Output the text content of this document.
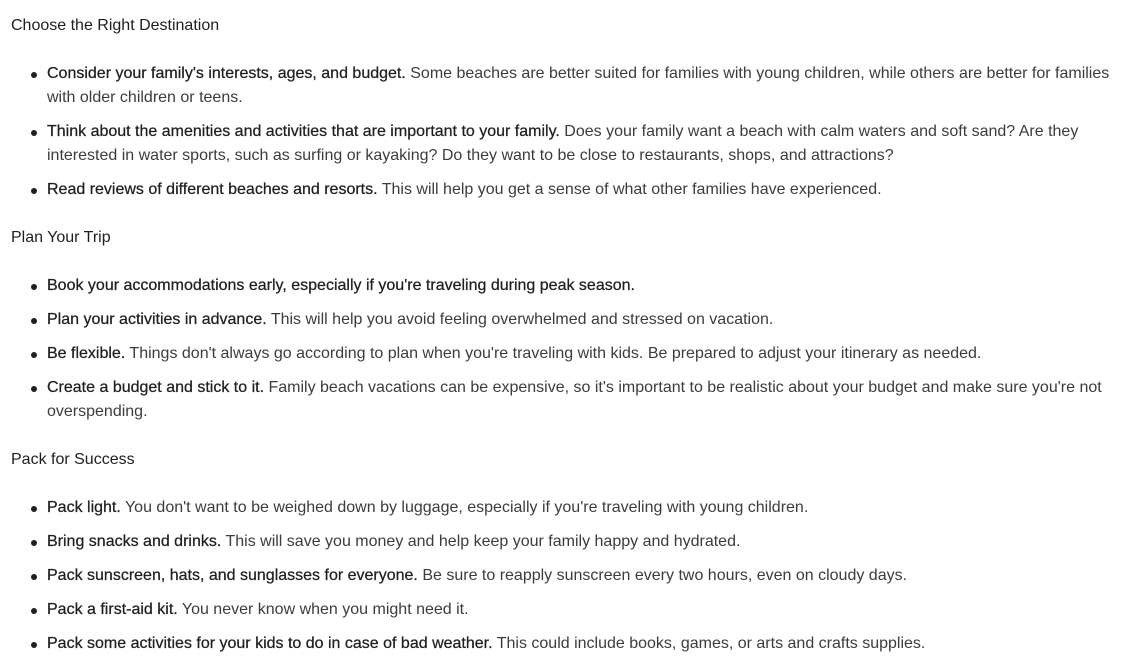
Choose the Right Destination

Consider your family's interests, ages, and budget. Some beaches are better suited for families with young children, while others are better for families with older children or teens.
Think about the amenities and activities that are important to your family. Does your family want a beach with calm waters and soft sand? Are they interested in water sports, such as surfing or kayaking? Do they want to be close to restaurants, shops, and attractions?
Read reviews of different beaches and resorts. This will help you get a sense of what other families have experienced.

Plan Your Trip

Book your accommodations early, especially if you're traveling during peak season.
Plan your activities in advance. This will help you avoid feeling overwhelmed and stressed on vacation.
Be flexible. Things don't always go according to plan when you're traveling with kids. Be prepared to adjust your itinerary as needed.
Create a budget and stick to it. Family beach vacations can be expensive, so it's important to be realistic about your budget and make sure you're not overspending.

Pack for Success

Pack light. You don't want to be weighed down by luggage, especially if you're traveling with young children.
Bring snacks and drinks. This will save you money and help keep your family happy and hydrated.
Pack sunscreen, hats, and sunglasses for everyone. Be sure to reapply sunscreen every two hours, even on cloudy days.
Pack a first-aid kit. You never know when you might need it.
Pack some activities for your kids to do in case of bad weather. This could include books, games, or arts and crafts supplies.
